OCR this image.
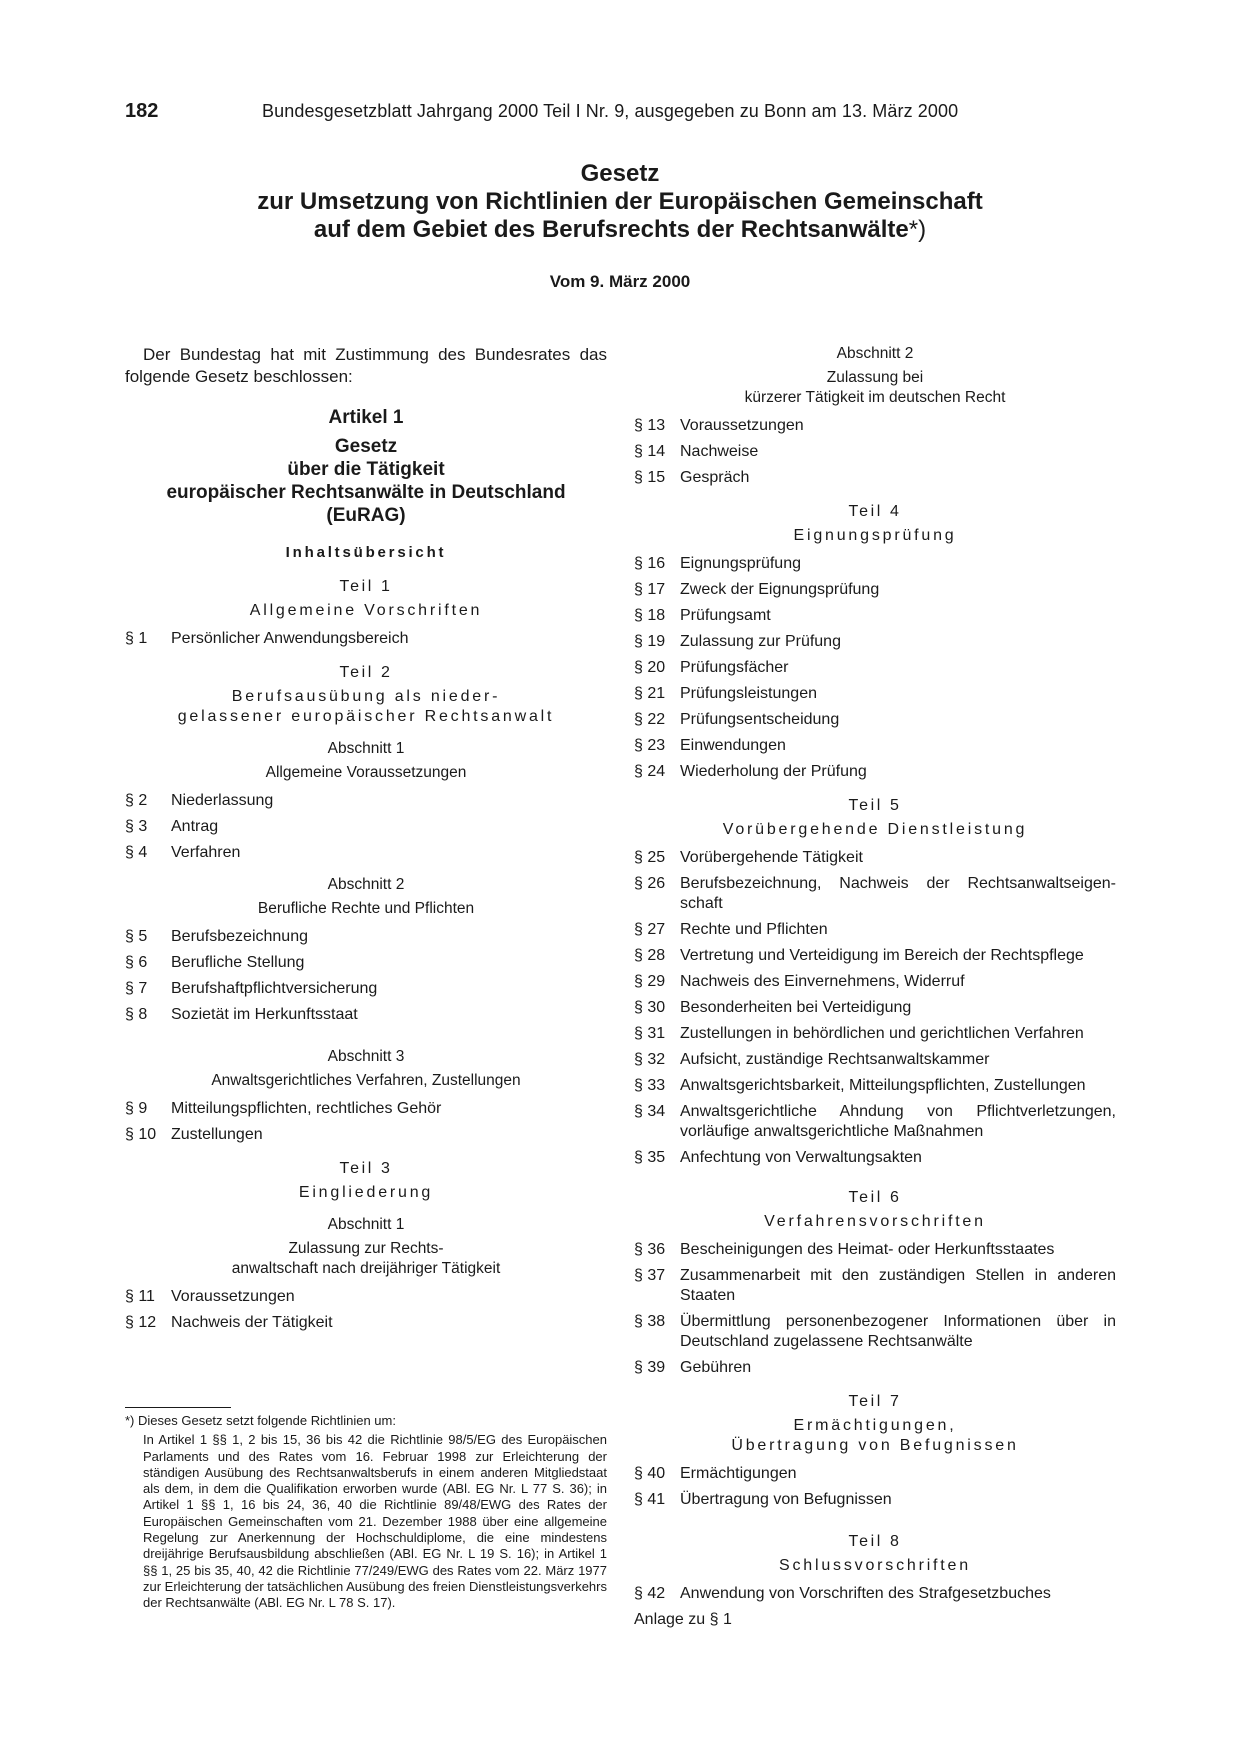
182	Bundesgesetzblatt Jahrgang 2000 Teil I Nr. 9, ausgegeben zu Bonn am 13. März 2000
Gesetz
zur Umsetzung von Richtlinien der Europäischen Gemeinschaft
auf dem Gebiet des Berufsrechts der Rechtsanwälte*)
Vom 9. März 2000

Der Bundestag hat mit Zustimmung des Bundesrates das folgende Gesetz beschlossen:

Artikel 1
Gesetz
über die Tätigkeit
europäischer Rechtsanwälte in Deutschland
(EuRAG)
Inhaltsübersicht
Teil 1
Allgemeine Vorschriften
§ 1	Persönlicher Anwendungsbereich
Teil 2
Berufsausübung als nieder-
gelassener europäischer Rechtsanwalt
Abschnitt 1
Allgemeine Voraussetzungen
§ 2	Niederlassung
§ 3	Antrag
§ 4	Verfahren
Abschnitt 2
Berufliche Rechte und Pflichten
§ 5	Berufsbezeichnung
§ 6	Berufliche Stellung
§ 7	Berufshaftpflichtversicherung
§ 8	Sozietät im Herkunftsstaat
Abschnitt 3
Anwaltsgerichtliches Verfahren, Zustellungen
§ 9	Mitteilungspflichten, rechtliches Gehör
§ 10 Zustellungen
Teil 3
Eingliederung
Abschnitt 1
Zulassung zur Rechts-
anwaltschaft nach dreijähriger Tätigkeit
§ 11	Voraussetzungen
§ 12 Nachweis der Tätigkeit
Abschnitt 2
Zulassung bei
kürzerer Tätigkeit im deutschen Recht
§ 13 Voraussetzungen
§ 14 Nachweise
§ 15 Gespräch
Teil 4
Eignungsprüfung
§ 16 Eignungsprüfung
§ 17 Zweck der Eignungsprüfung
§ 18 Prüfungsamt
§ 19 Zulassung zur Prüfung
§ 20 Prüfungsfächer
§ 21 Prüfungsleistungen
§ 22 Prüfungsentscheidung
§ 23 Einwendungen
§ 24 Wiederholung der Prüfung
Teil 5
Vorübergehende Dienstleistung
§ 25 Vorübergehende Tätigkeit
§ 26 Berufsbezeichnung, Nachweis der Rechtsanwaltseigen-schaft
§ 27 Rechte und Pflichten
§ 28 Vertretung und Verteidigung im Bereich der Rechtspflege
§ 29 Nachweis des Einvernehmens, Widerruf
§ 30 Besonderheiten bei Verteidigung
§ 31 Zustellungen in behördlichen und gerichtlichen Verfahren
§ 32 Aufsicht, zuständige Rechtsanwaltskammer
§ 33 Anwaltsgerichtsbarkeit, Mitteilungspflichten, Zustellungen
§ 34 Anwaltsgerichtliche Ahndung von Pflichtverletzungen, vorläufige anwaltsgerichtliche Maßnahmen
§ 35 Anfechtung von Verwaltungsakten
Teil 6
Verfahrensvorschriften
§ 36 Bescheinigungen des Heimat- oder Herkunftsstaates
§ 37 Zusammenarbeit mit den zuständigen Stellen in anderen Staaten
§ 38 Übermittlung personenbezogener Informationen über in Deutschland zugelassene Rechtsanwälte
§ 39 Gebühren
Teil 7
Ermächtigungen,
Übertragung von Befugnissen
§ 40 Ermächtigungen
§ 41 Übertragung von Befugnissen
Teil 8
Schlussvorschriften
§ 42 Anwendung von Vorschriften des Strafgesetzbuches
Anlage zu § 1
*) Dieses Gesetz setzt folgende Richtlinien um:
In Artikel 1 §§ 1, 2 bis 15, 36 bis 42 die Richtlinie 98/5/EG des Europäischen Parlaments und des Rates vom 16. Februar 1998 zur Erleichterung der ständigen Ausübung des Rechtsanwaltsberufs in einem anderen Mitgliedstaat als dem, in dem die Qualifikation erworben wurde (ABl. EG Nr. L 77 S. 36); in Artikel 1 §§ 1, 16 bis 24, 36, 40 die Richtlinie 89/48/EWG des Rates der Europäischen Gemeinschaften vom 21. Dezember 1988 über eine allgemeine Regelung zur Anerkennung der Hochschuldiplome, die eine mindestens dreijährige Berufsausbildung abschließen (ABl. EG Nr. L 19 S. 16); in Artikel 1 §§ 1, 25 bis 35, 40, 42 die Richtlinie 77/249/EWG des Rates vom 22. März 1977 zur Erleichterung der tatsächlichen Ausübung des freien Dienstleistungsverkehrs der Rechtsanwälte (ABl. EG Nr. L 78 S. 17).
